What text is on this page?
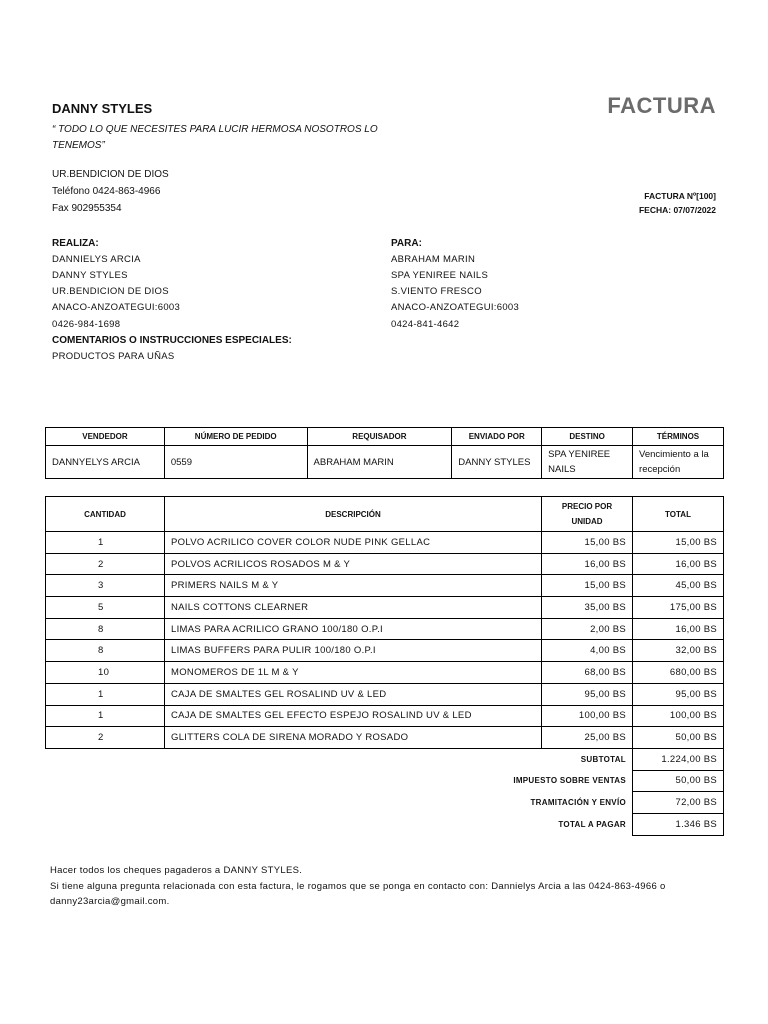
DANNY STYLES
“ TODO LO QUE NECESITES PARA LUCIR HERMOSA NOSOTROS LO TENEMOS”
UR.BENDICION DE DIOS
Teléfono 0424-863-4966
Fax 902955354
FACTURA
FACTURA Nº[100]
FECHA: 07/07/2022
REALIZA:
DANNIELYS ARCIA
DANNY STYLES
UR.BENDICION DE DIOS
ANACO-ANZOATEGUI:6003
0426-984-1698
PARA:
ABRAHAM MARIN
SPA YENIREE NAILS
S.VIENTO FRESCO
ANACO-ANZOATEGUI:6003
0424-841-4642
COMENTARIOS O INSTRUCCIONES ESPECIALES:
PRODUCTOS PARA UÑAS
VENDEDOR	NÚMERO DE PEDIDO	REQUISADOR	ENVIADO POR	DESTINO	TÉRMINOS
DANNYELYS ARCIA	0559	ABRAHAM MARIN	DANNY STYLES	SPA YENIREE NAILS	Vencimiento a la recepción
CANTIDAD	DESCRIPCIÓN	PRECIO POR UNIDAD	TOTAL
1	POLVO ACRILICO COVER COLOR NUDE PINK GELLAC	15,00 BS	15,00 BS
2	POLVOS ACRILICOS ROSADOS M & Y	16,00 BS	16,00 BS
3	PRIMERS NAILS M & Y	15,00 BS	45,00 BS
5	NAILS COTTONS CLEARNER	35,00 BS	175,00 BS
8	LIMAS PARA ACRILICO GRANO 100/180 O.P.I	2,00 BS	16,00 BS
8	LIMAS BUFFERS PARA PULIR 100/180 O.P.I	4,00 BS	32,00 BS
10	MONOMEROS DE 1L M & Y	68,00 BS	680,00 BS
1	CAJA DE SMALTES GEL ROSALIND UV & LED	95,00 BS	95,00 BS
1	CAJA DE SMALTES GEL EFECTO ESPEJO ROSALIND UV & LED	100,00 BS	100,00 BS
2	GLITTERS COLA DE SIRENA MORADO Y ROSADO	25,00 BS	50,00 BS
SUBTOTAL			1.224,00 BS
IMPUESTO SOBRE VENTAS			50,00 BS
TRAMITACIÓN Y ENVÍO			72,00 BS
TOTAL A PAGAR			1.346 BS
Hacer todos los cheques pagaderos a DANNY STYLES.
Si tiene alguna pregunta relacionada con esta factura, le rogamos que se ponga en contacto con: Dannielys Arcia a las 0424-863-4966 o
danny23arcia@gmail.com.
